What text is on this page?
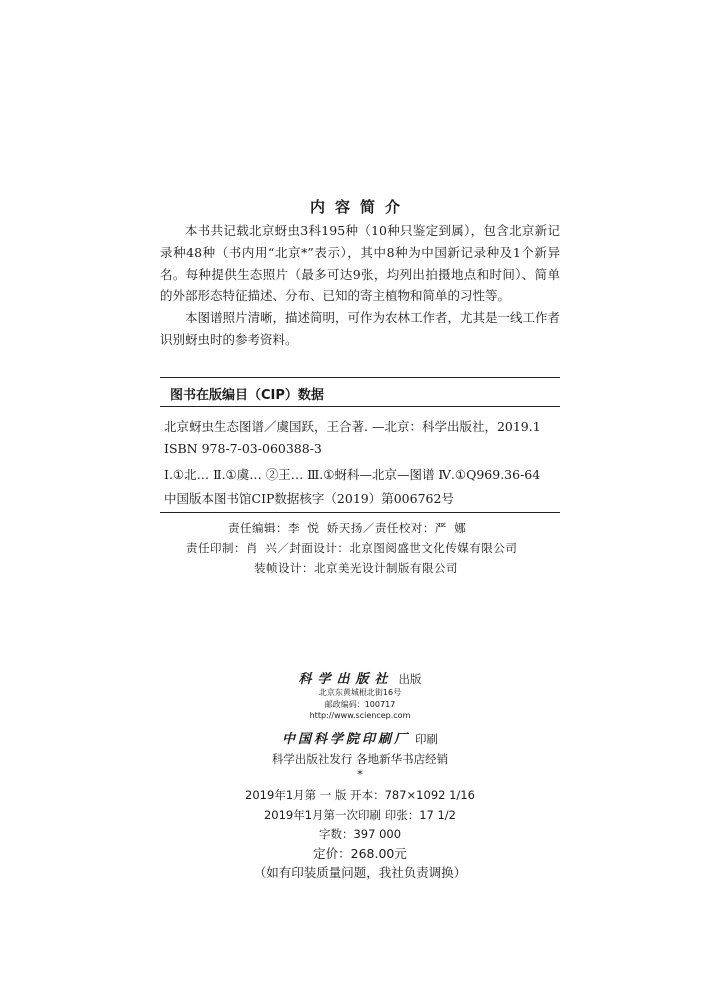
内容简介

本书共记载北京蚜虫3科195种（10种只鉴定到属），包含北京新记录种48种（书内用“北京*”表示），其中8种为中国新记录种及1个新异名。每种提供生态照片（最多可达9张，均列出拍摄地点和时间）、简单的外部形态特征描述、分布、已知的寄主植物和简单的习性等。

本图谱照片清晰，描述简明，可作为农林工作者，尤其是一线工作者识别蚜虫时的参考资料。

图书在版编目（CIP）数据
北京蚜虫生态图谱／虞国跃，王合著. —北京：科学出版社，2019.1
ISBN 978-7-03-060388-3
Ⅰ.①北… Ⅱ.①虞… ②王… Ⅲ.①蚜科—北京—图谱 Ⅳ.①Q969.36-64
中国版本图书馆CIP数据核字（2019）第006762号
责任编辑：李 悦 娇天扬／责任校对：严 娜
责任印制：肖 兴／封面设计：北京图阅盛世文化传媒有限公司
装帧设计：北京美光设计制版有限公司
科学出版社 出版
北京东黄城根北街16号
邮政编码：100717
http://www.sciencep.com
中国科学院印刷厂 印刷
科学出版社发行 各地新华书店经销
*
2019年1月第 一 版 开本：787×1092 1/16
2019年1月第一次印刷 印张：17 1/2
字数：397 000
定价：268.00元
（如有印装质量问题，我社负责调换）
